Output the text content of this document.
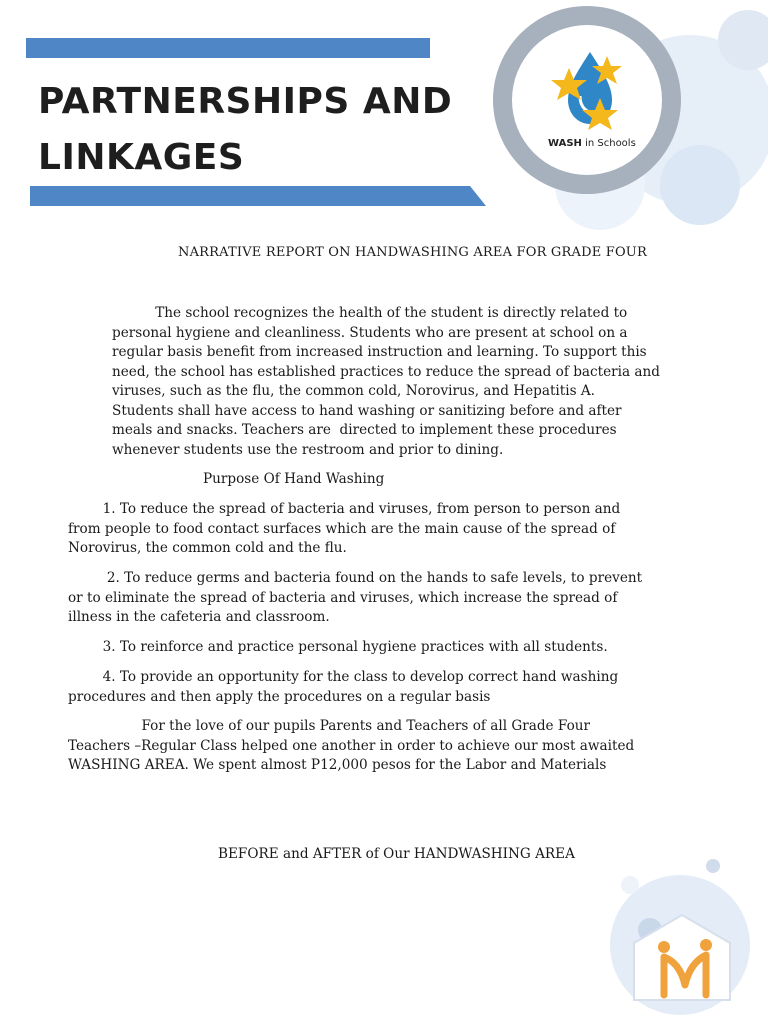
PARTNERSHIPS AND
LINKAGES	WASH in Schools

NARRATIVE REPORT ON HANDWASHING AREA FOR GRADE FOUR

The school recognizes the health of the student is directly related to
personal hygiene and cleanliness. Students who are present at school on a
regular basis benefit from increased instruction and learning. To support this
need, the school has established practices to reduce the spread of bacteria and
viruses, such as the flu, the common cold, Norovirus, and Hepatitis A.
Students shall have access to hand washing or sanitizing before and after
meals and snacks. Teachers are  directed to implement these procedures
whenever students use the restroom and prior to dining.

Purpose Of Hand Washing

1. To reduce the spread of bacteria and viruses, from person to person and
from people to food contact surfaces which are the main cause of the spread of
Norovirus, the common cold and the flu.

2. To reduce germs and bacteria found on the hands to safe levels, to prevent
or to eliminate the spread of bacteria and viruses, which increase the spread of
illness in the cafeteria and classroom.

3. To reinforce and practice personal hygiene practices with all students.

4. To provide an opportunity for the class to develop correct hand washing
procedures and then apply the procedures on a regular basis

For the love of our pupils Parents and Teachers of all Grade Four
Teachers –Regular Class helped one another in order to achieve our most awaited
WASHING AREA. We spent almost P12,000 pesos for the Labor and Materials

BEFORE and AFTER of Our HANDWASHING AREA
